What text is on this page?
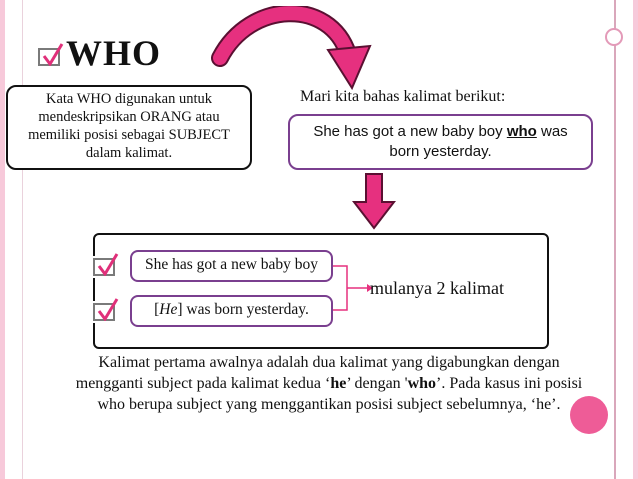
WHO
Kata WHO digunakan untuk mendeskripsikan ORANG atau memiliki posisi sebagai SUBJECT dalam kalimat.
Mari kita bahas kalimat berikut:
She has got a new baby boy who was born yesterday.
She has got a new baby boy
[He] was born yesterday.
mulanya 2 kalimat
Kalimat pertama awalnya adalah dua kalimat yang digabungkan dengan mengganti subject pada kalimat kedua ‘he’ dengan 'who’. Pada kasus ini posisi who berupa subject yang menggantikan posisi subject sebelumnya, ‘he’.
